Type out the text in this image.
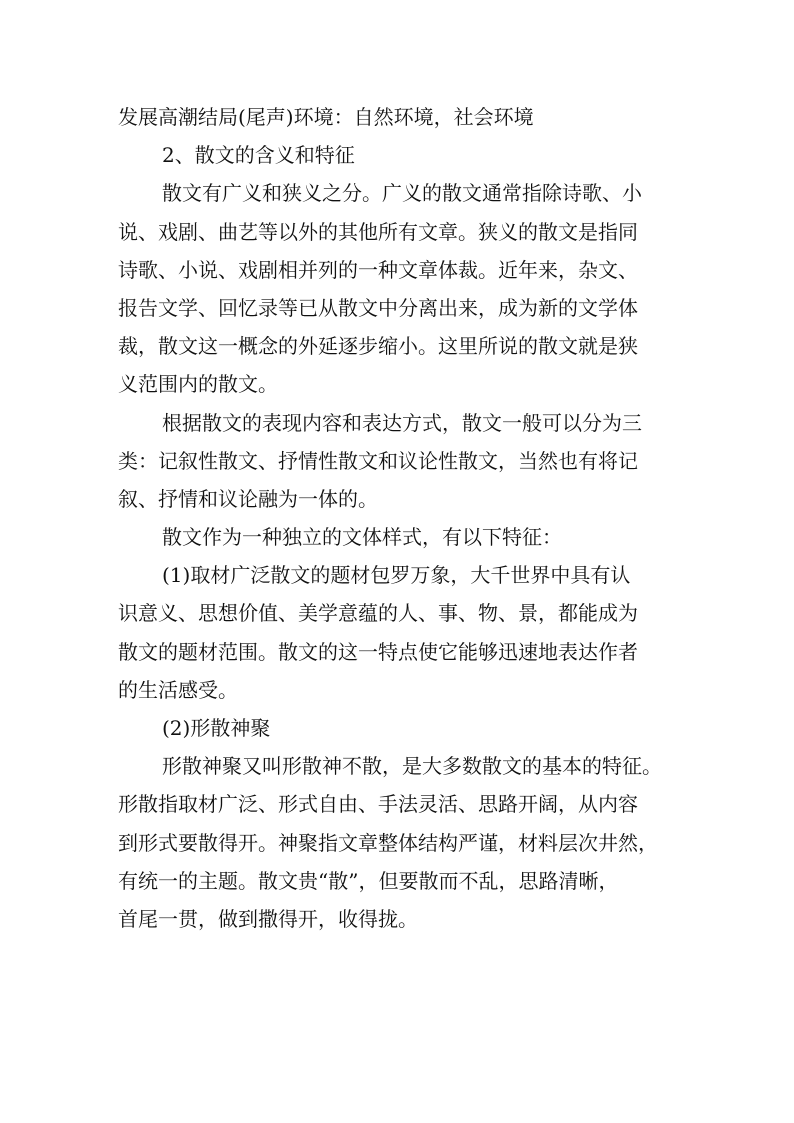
发展高潮结局(尾声)环境：自然环境，社会环境
2、散文的含义和特征
散文有广义和狭义之分。广义的散文通常指除诗歌、小
说、戏剧、曲艺等以外的其他所有文章。狭义的散文是指同
诗歌、小说、戏剧相并列的一种文章体裁。近年来，杂文、
报告文学、回忆录等已从散文中分离出来，成为新的文学体
裁，散文这一概念的外延逐步缩小。这里所说的散文就是狭
义范围内的散文。
根据散文的表现内容和表达方式，散文一般可以分为三
类：记叙性散文、抒情性散文和议论性散文，当然也有将记
叙、抒情和议论融为一体的。
散文作为一种独立的文体样式，有以下特征：
(1)取材广泛散文的题材包罗万象，大千世界中具有认
识意义、思想价值、美学意蕴的人、事、物、景，都能成为
散文的题材范围。散文的这一特点使它能够迅速地表达作者
的生活感受。
(2)形散神聚
形散神聚又叫形散神不散，是大多数散文的基本的特征。
形散指取材广泛、形式自由、手法灵活、思路开阔，从内容
到形式要散得开。神聚指文章整体结构严谨，材料层次井然，
有统一的主题。散文贵“散”，但要散而不乱，思路清晰，
首尾一贯，做到撒得开，收得拢。
